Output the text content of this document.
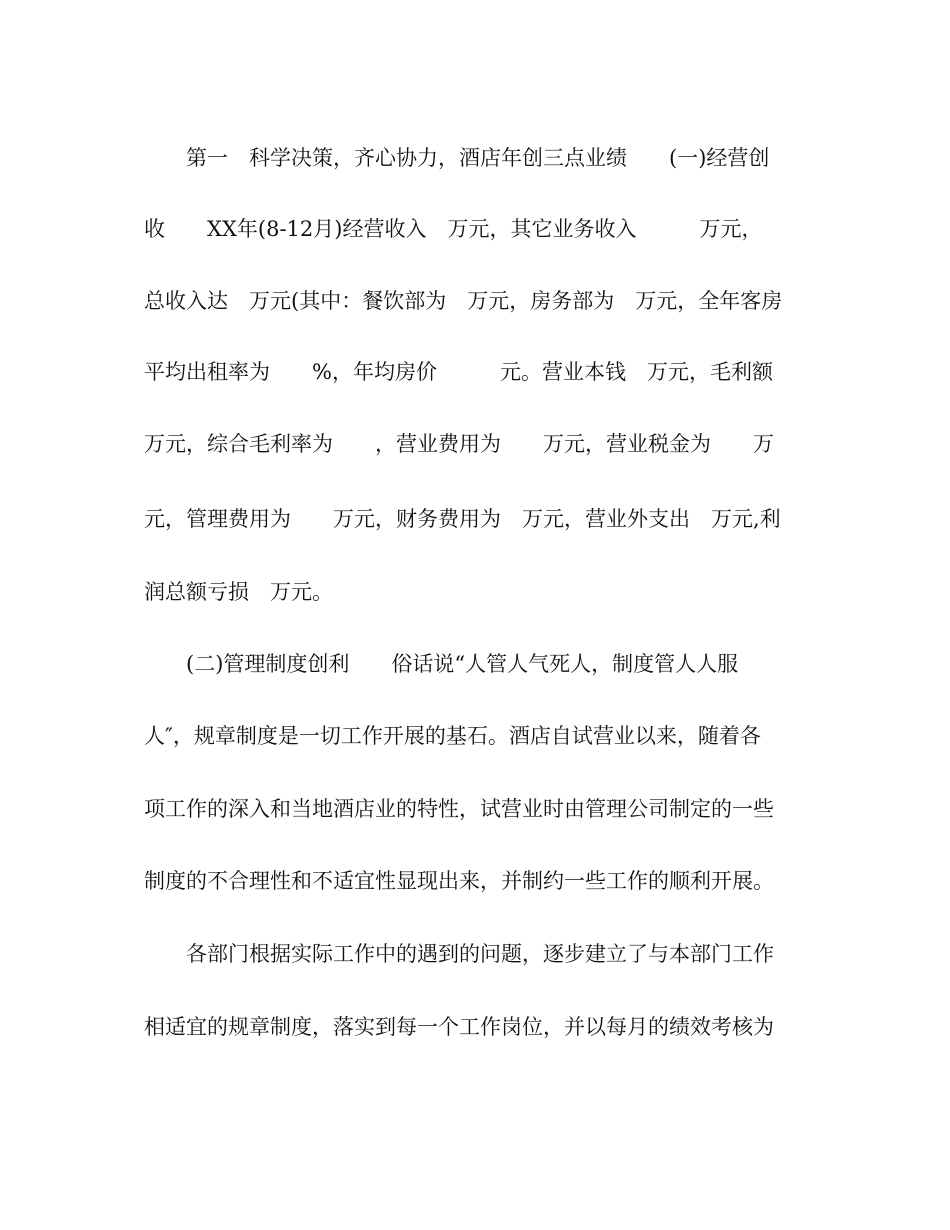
　　第一　科学决策，齐心协力，酒店年创三点业绩　　(一)经营创
收　　XX年(8-12月)经营收入　万元，其它业务收入　　　万元，
总收入达　万元(其中：餐饮部为　万元，房务部为　万元，全年客房
平均出租率为　　%，年均房价　　　元。营业本钱　万元，毛利额
万元，综合毛利率为　　，营业费用为　　万元，营业税金为　　万
元，管理费用为　　万元，财务费用为　万元，营业外支出　万元,利
润总额亏损　万元。
　　(二)管理制度创利　　俗话说“人管人气死人，制度管人人服
人″，规章制度是一切工作开展的基石。酒店自试营业以来，随着各
项工作的深入和当地酒店业的特性，试营业时由管理公司制定的一些
制度的不合理性和不适宜性显现出来，并制约一些工作的顺利开展。
　　各部门根据实际工作中的遇到的问题，逐步建立了与本部门工作
相适宜的规章制度，落实到每一个工作岗位，并以每月的绩效考核为
